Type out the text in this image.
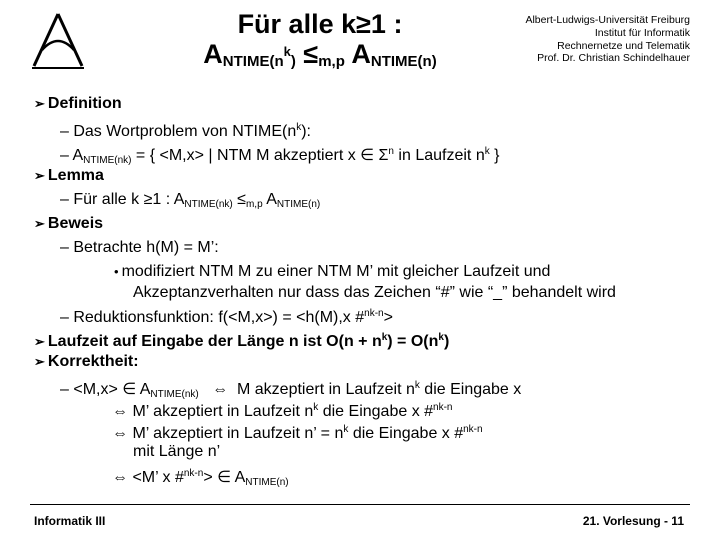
Für alle k≥1 :
$A_{NTIME(n^k)} \le_{m,p}$ $A_{NTIME(n)}$
Albert-Ludwigs-Universität Freiburg
Institut für Informatik
Rechnernetze und Telematik
Prof. Dr. Christian Schindelhauer
➢ Definition
– Das Wortproblem von $NTIME(n^k)$:
– $A_{NTIME(nk)}$ = { <M,x> | NTM M akzeptiert x ∈ $\Sigma^n$ in Laufzeit $n^k$ }
➢ Lemma
– Für alle k ≥1 : $A_{NTIME(nk)} \le_{m,p}$ $A_{NTIME(n)}$
➢ Beweis
– Betrachte h(M) = M’:
• modifiziert NTM M zu einer NTM M’ mit gleicher Laufzeit und
Akzeptanzverhalten nur dass das Zeichen “#” wie “_” behandelt wird
– Reduktionsfunktion: f(<M,x>) = <h(M),x #$^{nk-n}$>
➢ Laufzeit auf Eingabe der Länge n ist $O(n + n^k) = O(n^k)$
➢ Korrektheit:
– <M,x> ∈ $A_{NTIME(nk)}$   ⇔  M akzeptiert in Laufzeit $n^k$ die Eingabe x
⇔ M’ akzeptiert in Laufzeit $n^k$ die Eingabe x #$^{nk-n}$
⇔ M’ akzeptiert in Laufzeit n’ = $n^k$ die Eingabe x #$^{nk-n}$
mit Länge n’
⇔ <M’ x #$^{nk-n}$> ∈ $A_{NTIME(n)}$
Informatik III	21. Vorlesung - 11
